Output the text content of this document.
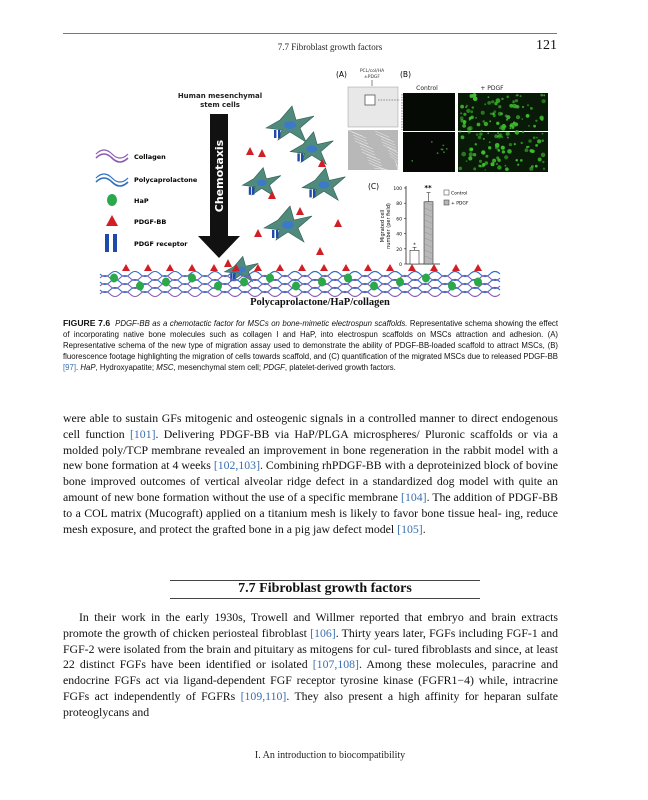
7.7 Fibroblast growth factors	121
Human mesenchymal
stem cells
Chemotaxis
Collagen
Polycaprolactone
HaP
PDGF-BB
PDGF receptor
Polycaprolactone/HaP/collagen
(A)	PCL/col/HA
±PDGF	(B)
Control	+ PDGF
(C)
0
20
40
60
80
100
Migrated cell number (per field)
**
*
Control
+ PDGF
FIGURE 7.6 PDGF-BB as a chemotactic factor for MSCs on bone-mimetic electrospun scaffolds. Representative schema showing the effect of incorporating native bone molecules such as collagen I and HaP, into electrospun scaffolds on MSCs attraction and adhesion. (A) Representative schema of the new type of migration assay used to demonstrate the ability of PDGF-BB-loaded scaffold to attract MSCs, (B) fluorescence footage highlighting the migration of cells towards scaffold, and (C) quantification of the migrated MSCs due to released PDGF-BB [97]. HaP, Hydroxyapatite; MSC, mesenchymal stem cell; PDGF, platelet-derived growth factors.

were able to sustain GFs mitogenic and osteogenic signals in a controlled manner to direct endogenous cell function [101]. Delivering PDGF-BB via HaP/PLGA microspheres/ Pluronic scaffolds or via a molded poly/TCP membrane revealed an improvement in bone regeneration in the rabbit model with a new bone formation at 4 weeks [102,103]. Combining rhPDGF-BB with a deproteinized block of bovine bone improved outcomes of vertical alveolar ridge defect in a standardized dog model with quite an amount of new bone formation without the use of a specific membrane [104]. The addition of PDGF-BB to a COL matrix (Mucograft) applied on a titanium mesh is likely to favor bone tissue heal- ing, reduce mesh exposure, and protect the grafted bone in a pig jaw defect model [105].

7.7 Fibroblast growth factors

In their work in the early 1930s, Trowell and Willmer reported that embryo and brain extracts promote the growth of chicken periosteal fibroblast [106]. Thirty years later, FGFs including FGF-1 and FGF-2 were isolated from the brain and pituitary as mitogens for cul- tured fibroblasts and since, at least 22 distinct FGFs have been identified or isolated [107,108]. Among these molecules, paracrine and endocrine FGFs act via ligand-dependent FGF receptor tyrosine kinase (FGFR1−4) while, intracrine FGFs act independently of FGFRs [109,110]. They also present a high affinity for heparan sulfate proteoglycans and

I. An introduction to biocompatibility
